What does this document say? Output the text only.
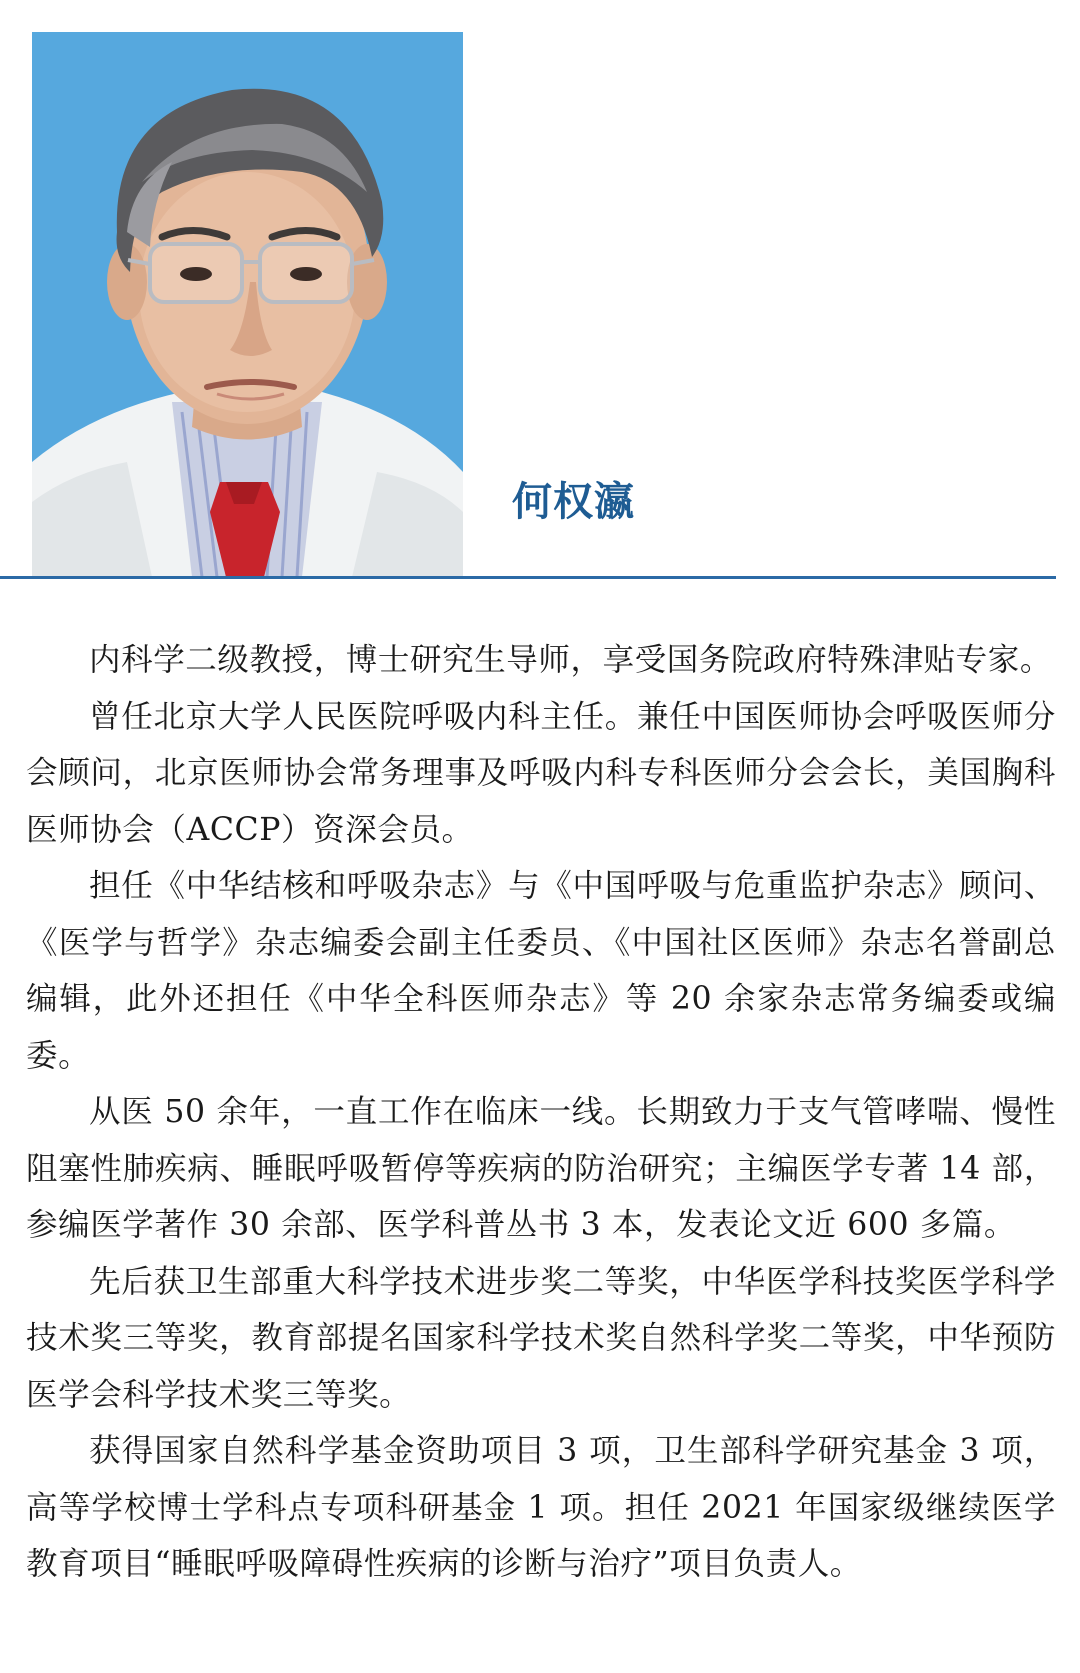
何权瀛

内科学二级教授，博士研究生导师，享受国务院政府特殊津贴专家。

曾任北京大学人民医院呼吸内科主任。兼任中国医师协会呼吸医师分会顾问，北京医师协会常务理事及呼吸内科专科医师分会会长，美国胸科医师协会（ACCP）资深会员。

担任《中华结核和呼吸杂志》与《中国呼吸与危重监护杂志》顾问、《医学与哲学》杂志编委会副主任委员、《中国社区医师》杂志名誉副总编辑，此外还担任《中华全科医师杂志》等 20 余家杂志常务编委或编委。

从医 50 余年，一直工作在临床一线。长期致力于支气管哮喘、慢性阻塞性肺疾病、睡眠呼吸暂停等疾病的防治研究；主编医学专著 14 部，参编医学著作 30 余部、医学科普丛书 3 本，发表论文近 600 多篇。

先后获卫生部重大科学技术进步奖二等奖，中华医学科技奖医学科学技术奖三等奖，教育部提名国家科学技术奖自然科学奖二等奖，中华预防医学会科学技术奖三等奖。

获得国家自然科学基金资助项目 3 项，卫生部科学研究基金 3 项，高等学校博士学科点专项科研基金 1 项。担任 2021 年国家级继续医学教育项目“睡眠呼吸障碍性疾病的诊断与治疗”项目负责人。
